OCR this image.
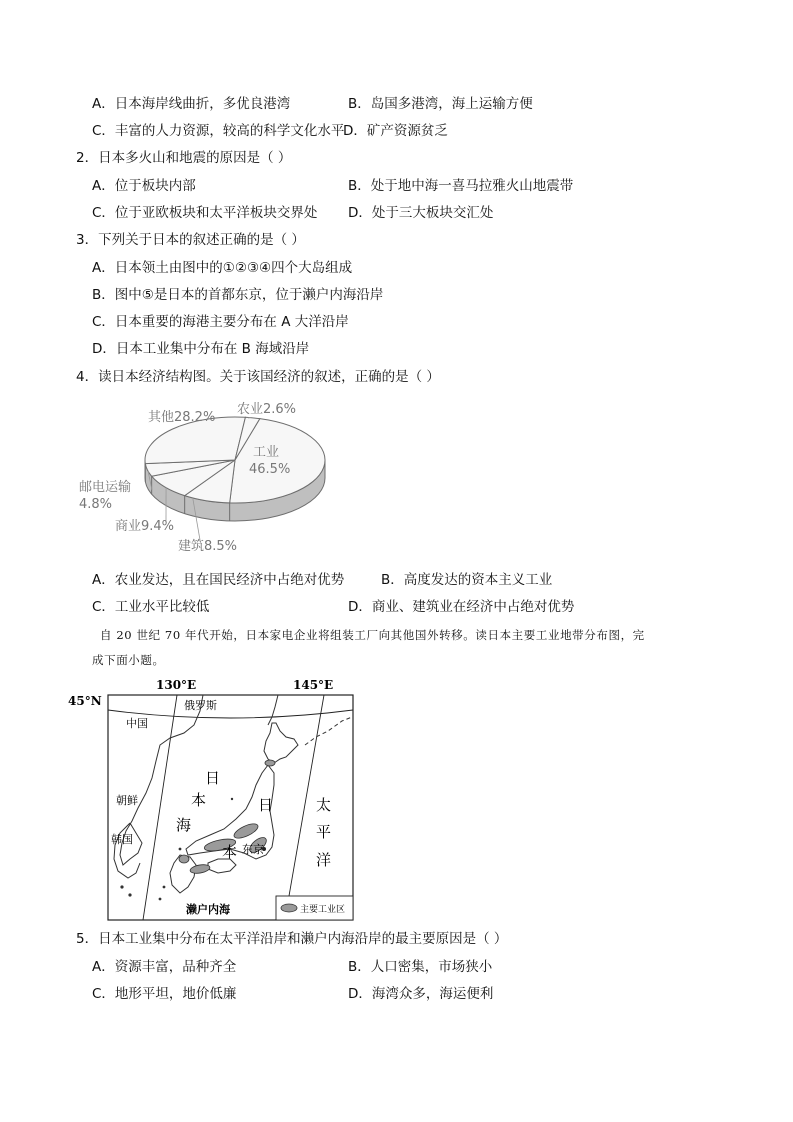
A．日本海岸线曲折，多优良港湾	B．岛国多港湾，海上运输方便
C．丰富的人力资源，较高的科学文化水平
D．矿产资源贫乏
2．日本多火山和地震的原因是（ ）
A．位于板块内部	B．处于地中海一喜马拉雅火山地震带
C．位于亚欧板块和太平洋板块交界处 D．处于三大板块交汇处
3．下列关于日本的叙述正确的是（ ）
A．日本领土由图中的①②③④四个大岛组成
B．图中⑤是日本的首都东京，位于濑户内海沿岸
C．日本重要的海港主要分布在 A 大洋沿岸
D．日本工业集中分布在 B 海域沿岸
4．读日本经济结构图。关于该国经济的叙述，正确的是（ ）
其他28.2%
农业2.6%
工业
46.5%
邮电运输
4.8%
商业9.4%
建筑8.5%
A．农业发达，且在国民经济中占绝对优势	B．高度发达的资本主义工业
C．工业水平比较低	D．商业、建筑业在经济中占绝对优势
自 20 世纪 70 年代开始，日本家电企业将组装工厂向其他国外转移。读日本主要工业地带分布图，完
成下面小题。
45°N
130°E	145°E
俄罗斯
中国
朝鲜
韩国
日
本
海
日
本 东京
太
平
洋
濑户内海	主要工业区
5．日本工业集中分布在太平洋沿岸和濑户内海沿岸的最主要原因是（ ）
A．资源丰富，品种齐全	B．人口密集，市场狭小
C．地形平坦，地价低廉	D．海湾众多，海运便利
